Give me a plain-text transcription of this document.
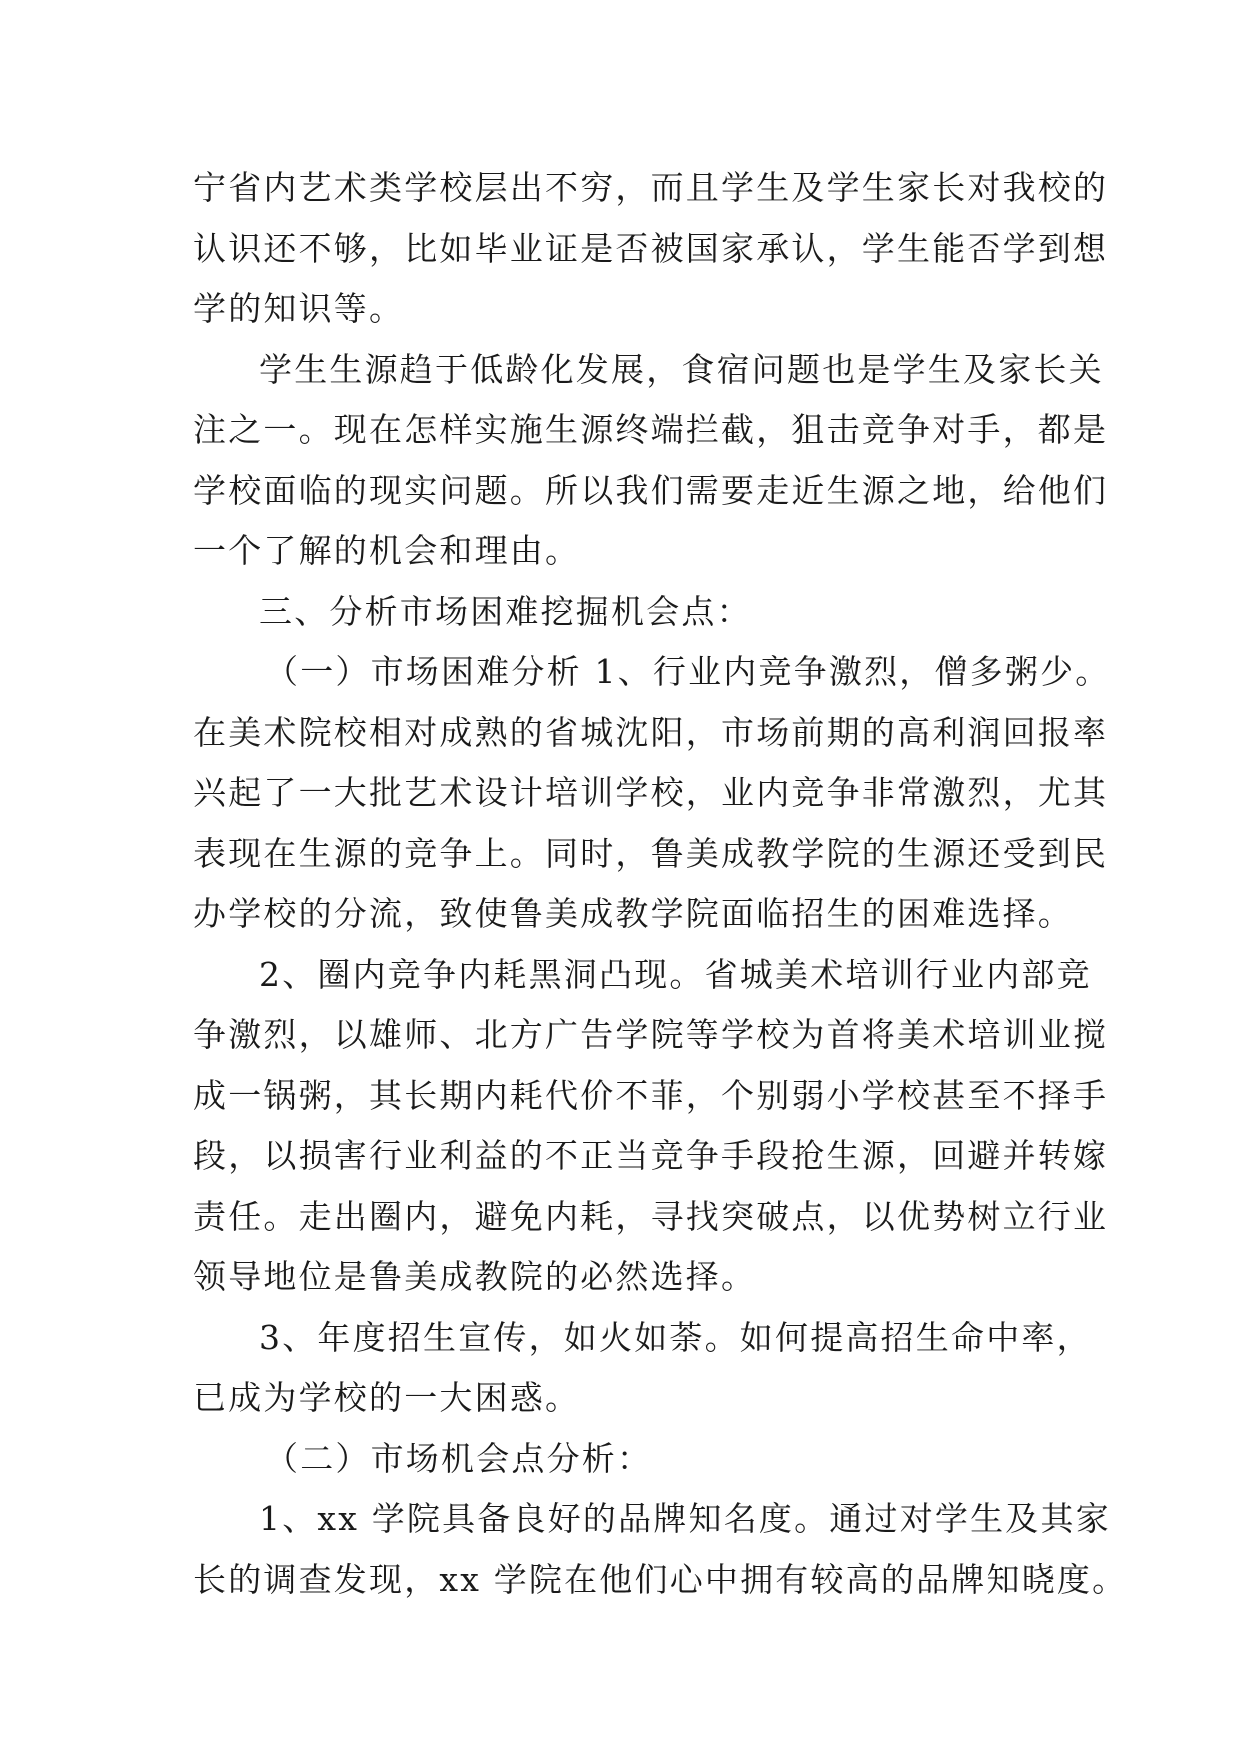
宁省内艺术类学校层出不穷，而且学生及学生家长对我校的
认识还不够，比如毕业证是否被国家承认，学生能否学到想
学的知识等。
学生生源趋于低龄化发展，食宿问题也是学生及家长关
注之一。现在怎样实施生源终端拦截，狙击竞争对手，都是
学校面临的现实问题。所以我们需要走近生源之地，给他们
一个了解的机会和理由。
三、分析市场困难挖掘机会点：
（一）市场困难分析 1、行业内竞争激烈，僧多粥少。
在美术院校相对成熟的省城沈阳，市场前期的高利润回报率
兴起了一大批艺术设计培训学校，业内竞争非常激烈，尤其
表现在生源的竞争上。同时，鲁美成教学院的生源还受到民
办学校的分流，致使鲁美成教学院面临招生的困难选择。
2、圈内竞争内耗黑洞凸现。省城美术培训行业内部竞
争激烈，以雄师、北方广告学院等学校为首将美术培训业搅
成一锅粥，其长期内耗代价不菲，个别弱小学校甚至不择手
段，以损害行业利益的不正当竞争手段抢生源，回避并转嫁
责任。走出圈内，避免内耗，寻找突破点，以优势树立行业
领导地位是鲁美成教院的必然选择。
3、年度招生宣传，如火如荼。如何提高招生命中率，
已成为学校的一大困惑。
（二）市场机会点分析：
1、xx 学院具备良好的品牌知名度。通过对学生及其家
长的调查发现，xx 学院在他们心中拥有较高的品牌知晓度。
